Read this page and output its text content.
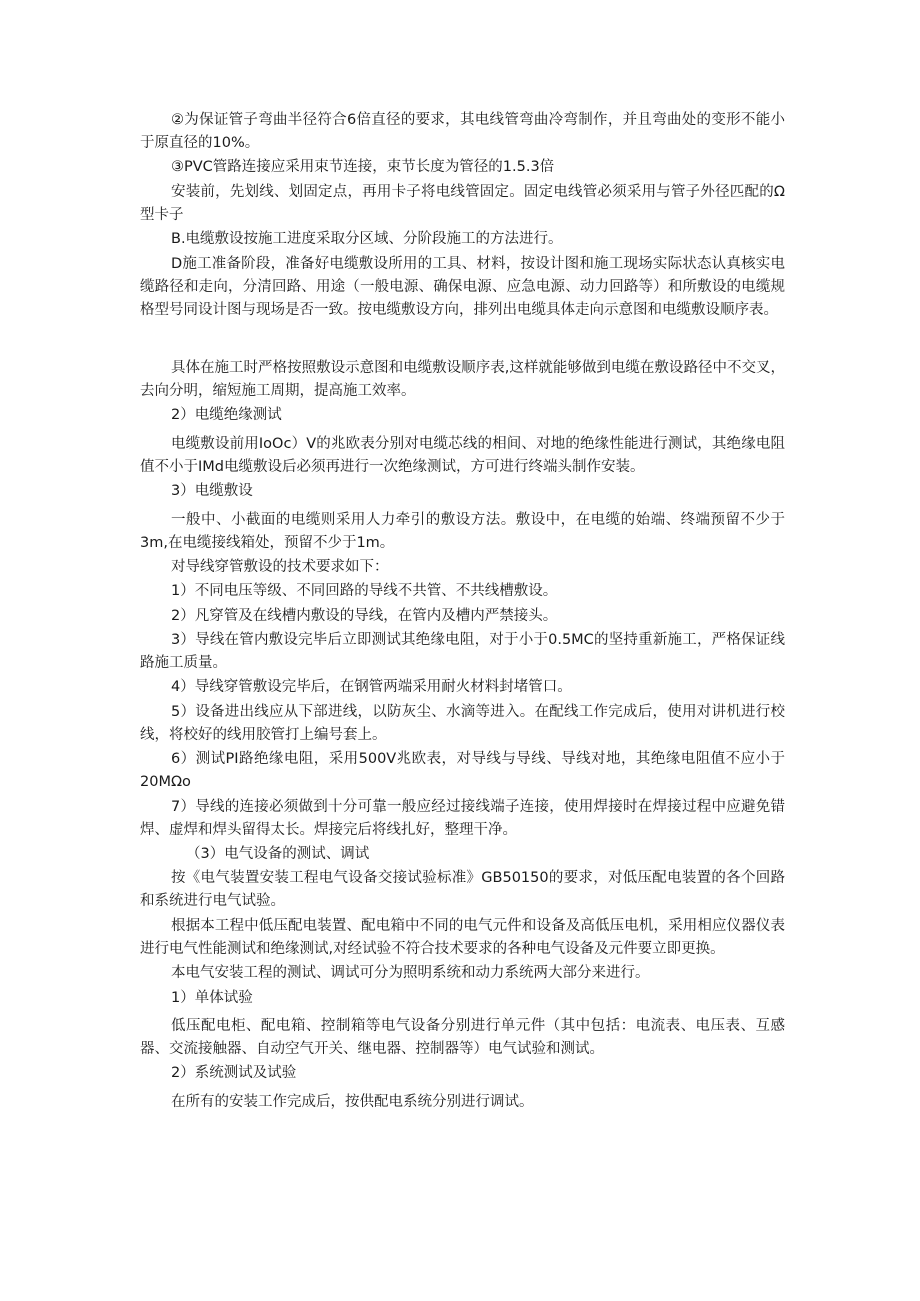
②为保证管子弯曲半径符合6倍直径的要求，其电线管弯曲冷弯制作，并且弯曲处的变形不能小于原直径的10%。

③PVC管路连接应采用束节连接，束节长度为管径的1.5.3倍

安装前，先划线、划固定点，再用卡子将电线管固定。固定电线管必须采用与管子外径匹配的Ω型卡子

B.电缆敷设按施工进度采取分区域、分阶段施工的方法进行。

D施工准备阶段，准备好电缆敷设所用的工具、材料，按设计图和施工现场实际状态认真核实电缆路径和走向，分清回路、用途（一般电源、确保电源、应急电源、动力回路等）和所敷设的电缆规格型号同设计图与现场是否一致。按电缆敷设方向，排列出电缆具体走向示意图和电缆敷设顺序表。

具体在施工时严格按照敷设示意图和电缆敷设顺序表,这样就能够做到电缆在敷设路径中不交叉，去向分明，缩短施工周期，提高施工效率。

2）电缆绝缘测试

电缆敷设前用IoOc）V的兆欧表分别对电缆芯线的相间、对地的绝缘性能进行测试，其绝缘电阻值不小于IMd电缆敷设后必须再进行一次绝缘测试，方可进行终端头制作安装。

3）电缆敷设

一般中、小截面的电缆则采用人力牵引的敷设方法。敷设中，在电缆的始端、终端预留不少于3m,在电缆接线箱处，预留不少于1m。

对导线穿管敷设的技术要求如下：

1）不同电压等级、不同回路的导线不共管、不共线槽敷设。

2）凡穿管及在线槽内敷设的导线，在管内及槽内严禁接头。

3）导线在管内敷设完毕后立即测试其绝缘电阻，对于小于0.5MC的坚持重新施工，严格保证线路施工质量。

4）导线穿管敷设完毕后，在钢管两端采用耐火材料封堵管口。

5）设备进出线应从下部进线，以防灰尘、水滴等进入。在配线工作完成后，使用对讲机进行校线，将校好的线用胶管打上编号套上。

6）测试PI路绝缘电阻，采用500V兆欧表，对导线与导线、导线对地，其绝缘电阻值不应小于20MΩo

7）导线的连接必须做到十分可靠一般应经过接线端子连接，使用焊接时在焊接过程中应避免错焊、虚焊和焊头留得太长。焊接完后将线扎好，整理干净。

（3）电气设备的测试、调试

按《电气装置安装工程电气设备交接试验标准》GB50150的要求，对低压配电装置的各个回路和系统进行电气试验。

根据本工程中低压配电装置、配电箱中不同的电气元件和设备及高低压电机，采用相应仪器仪表进行电气性能测试和绝缘测试,对经试验不符合技术要求的各种电气设备及元件要立即更换。

本电气安装工程的测试、调试可分为照明系统和动力系统两大部分来进行。

1）单体试验

低压配电柜、配电箱、控制箱等电气设备分别进行单元件（其中包括：电流表、电压表、互感器、交流接触器、自动空气开关、继电器、控制器等）电气试验和测试。

2）系统测试及试验

在所有的安装工作完成后，按供配电系统分别进行调试。
